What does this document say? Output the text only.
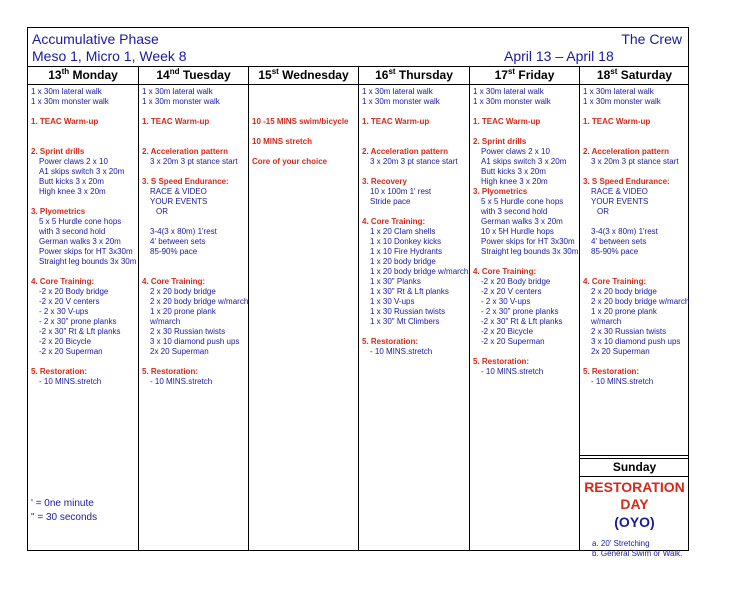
Accumulative Phase	The Crew
Meso 1, Micro 1, Week 8	April 13 – April 18
13th Monday
1 x 30m lateral walk
1 x 30m monster walk
1. TEAC Warm-up
2. Sprint drills
Power claws 2 x 10
A1 skips switch 3 x 20m
Butt kicks 3 x 20m
High knee 3 x 20m
3. Plyometrics
5 x 5 Hurdle cone hops
with 3 second hold
German walks 3 x 20m
Power skips for HT 3x30m
Straight leg bounds 3x 30m
4. Core Training:
-2 x 20 Body bridge
-2 x 20 V centers
- 2 x 30 V-ups
- 2 x 30" prone planks
-2 x 30" Rt & Lft planks
-2 x 20 Bicycle
-2 x 20 Superman
5. Restoration:
- 10 MINS.stretch
' = 0ne minute
" = 30 seconds
14nd Tuesday
1 x 30m lateral walk
1 x 30m monster walk
1. TEAC Warm-up
2. Acceleration pattern
3 x 20m 3 pt stance start
3. S Speed Endurance:
RACE & VIDEO
YOUR EVENTS
OR
3-4(3 x 80m) 1'rest
4' between sets
85-90% pace
4. Core Training:
2 x 20 body bridge
2 x 20 body bridge w/march
1 x 20 prone plank
w/march
2 x 30 Russian twists
3 x 10 diamond push ups
2x 20 Superman
5. Restoration:
- 10 MINS.stretch
15st Wednesday
10 -15 MINS swim/bicycle
10 MINS stretch
Core of your choice
16st Thursday
1 x 30m lateral walk
1 x 30m monster walk
1. TEAC Warm-up
2. Acceleration pattern
3 x 20m 3 pt stance start
3. Recovery
10 x 100m 1' rest
Stride pace
4. Core Training:
1 x 20 Clam shells
1 x 10 Donkey kicks
1 x 10 Fire Hydrants
1 x 20 body bridge
1 x 20 body bridge w/march
1 x 30" Planks
1 x 30" Rt & Lft planks
1 x 30 V-ups
1 x 30 Russian twists
1 x 30" Mt Climbers
5. Restoration:
- 10 MINS.stretch
17st Friday
1 x 30m lateral walk
1 x 30m monster walk
1. TEAC Warm-up
2. Sprint drills
Power claws 2 x 10
A1 skips switch 3 x 20m
Butt kicks 3 x 20m
High knee 3 x 20m
3. Plyometrics
5 x 5 Hurdle cone hops
with 3 second hold
German walks 3 x 20m
10 x 5H Hurdle hops
Power skips for HT 3x30m
Straight leg bounds 3x 30m
4. Core Training:
-2 x 20 Body bridge
-2 x 20 V centers
- 2 x 30 V-ups
- 2 x 30" prone planks
-2 x 30" Rt & Lft planks
-2 x 20 Bicycle
-2 x 20 Superman
5. Restoration:
- 10 MINS.stretch
18st Saturday
1 x 30m lateral walk
1 x 30m monster walk
1. TEAC Warm-up
2. Acceleration pattern
3 x 20m 3 pt stance start
3. S Speed Endurance:
RACE & VIDEO
YOUR EVENTS
OR
3-4(3 x 80m) 1'rest
4' between sets
85-90% pace
4. Core Training:
2 x 20 body bridge
2 x 20 body bridge w/march
1 x 20 prone plank
w/march
2 x 30 Russian twists
3 x 10 diamond push ups
2x 20 Superman
5. Restoration:
- 10 MINS.stretch
Sunday
RESTORATION
DAY
(OYO)
a. 20' Stretching
b. General Swim or Walk.
